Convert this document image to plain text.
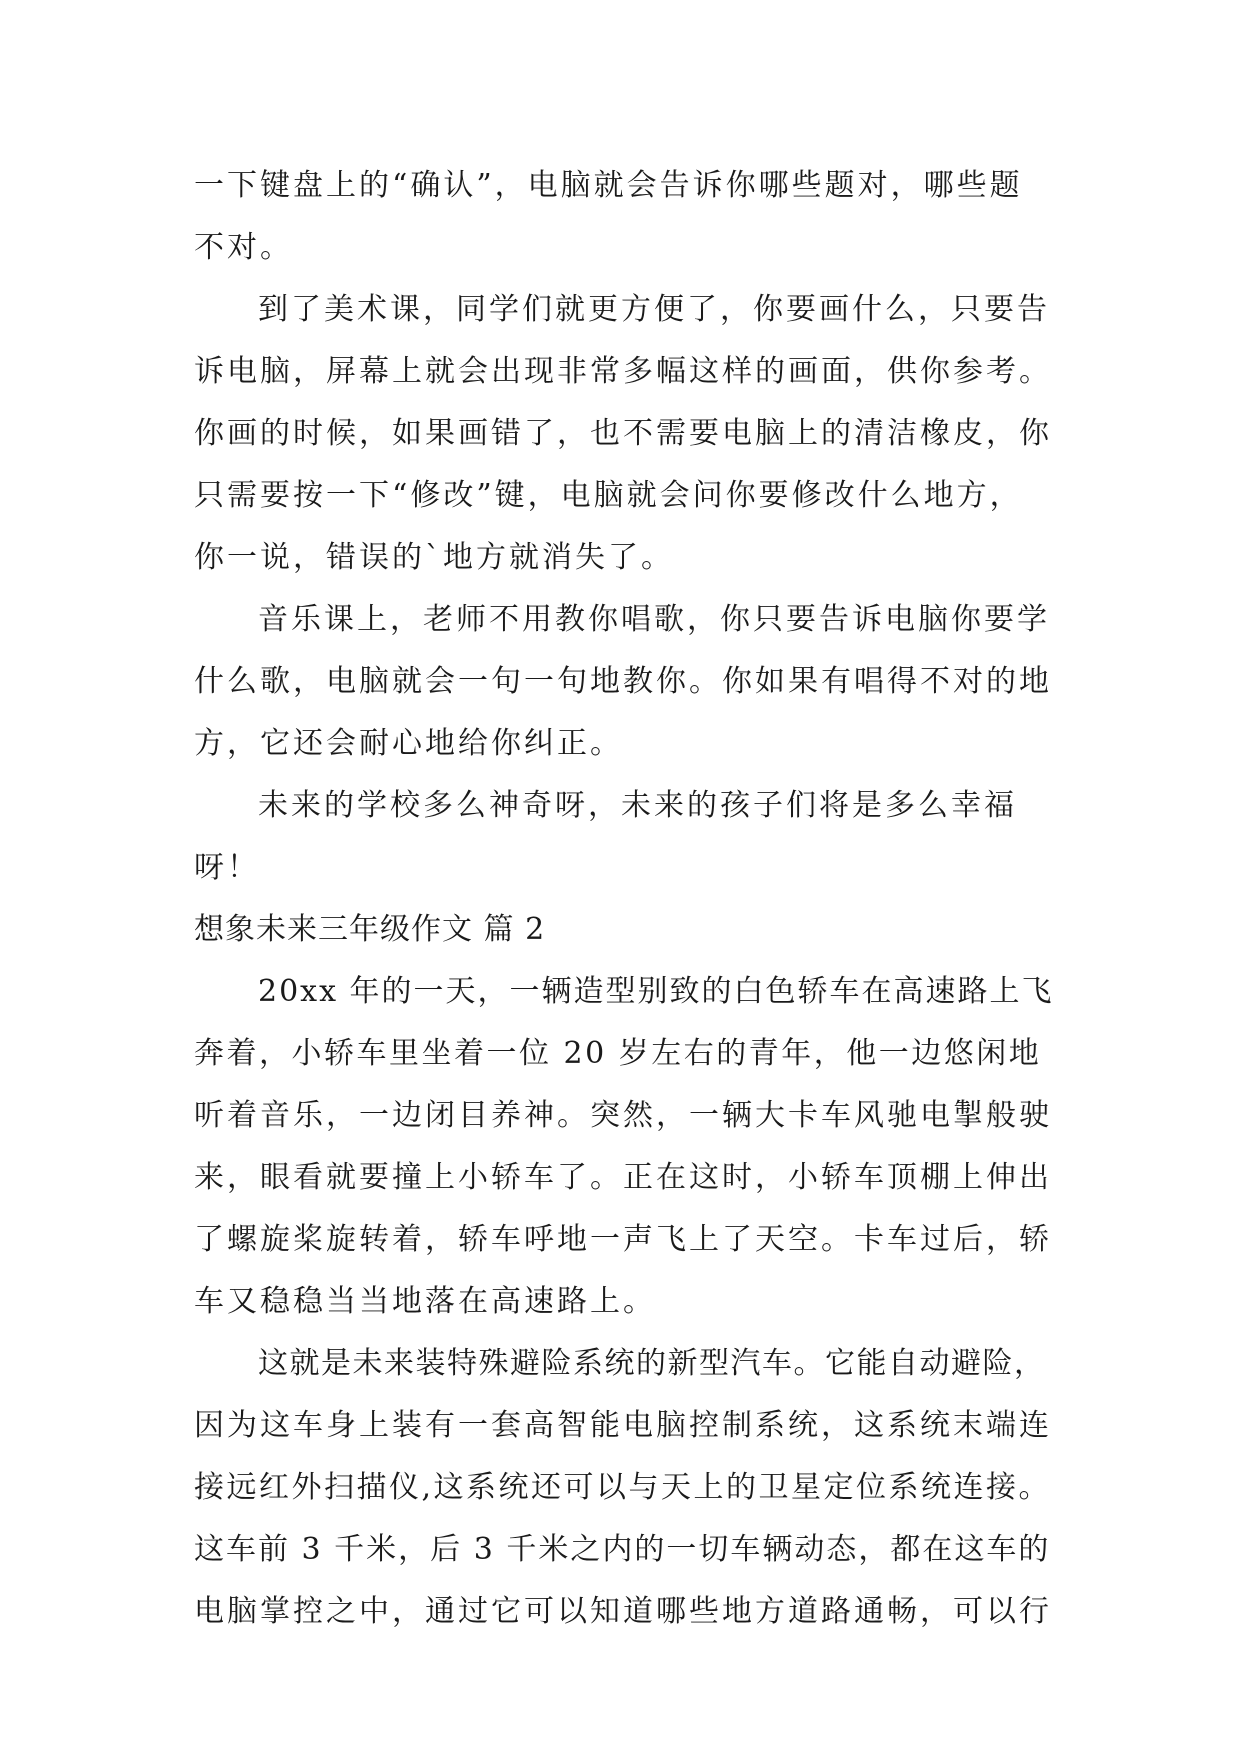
一下键盘上的“确认”，电脑就会告诉你哪些题对，哪些题
不对。
到了美术课，同学们就更方便了，你要画什么，只要告
诉电脑，屏幕上就会出现非常多幅这样的画面，供你参考。
你画的时候，如果画错了，也不需要电脑上的清洁橡皮，你
只需要按一下“修改”键，电脑就会问你要修改什么地方，
你一说，错误的`地方就消失了。
音乐课上，老师不用教你唱歌，你只要告诉电脑你要学
什么歌，电脑就会一句一句地教你。你如果有唱得不对的地
方，它还会耐心地给你纠正。
未来的学校多么神奇呀，未来的孩子们将是多么幸福
呀！
想象未来三年级作文 篇 2
20xx 年的一天，一辆造型别致的白色轿车在高速路上飞
奔着，小轿车里坐着一位 20 岁左右的青年，他一边悠闲地
听着音乐，一边闭目养神。突然，一辆大卡车风驰电掣般驶
来，眼看就要撞上小轿车了。正在这时，小轿车顶棚上伸出
了螺旋桨旋转着，轿车呼地一声飞上了天空。卡车过后，轿
车又稳稳当当地落在高速路上。
这就是未来装特殊避险系统的新型汽车。它能自动避险，
因为这车身上装有一套高智能电脑控制系统，这系统末端连
接远红外扫描仪,这系统还可以与天上的卫星定位系统连接。
这车前 3 千米，后 3 千米之内的一切车辆动态，都在这车的
电脑掌控之中，通过它可以知道哪些地方道路通畅，可以行
